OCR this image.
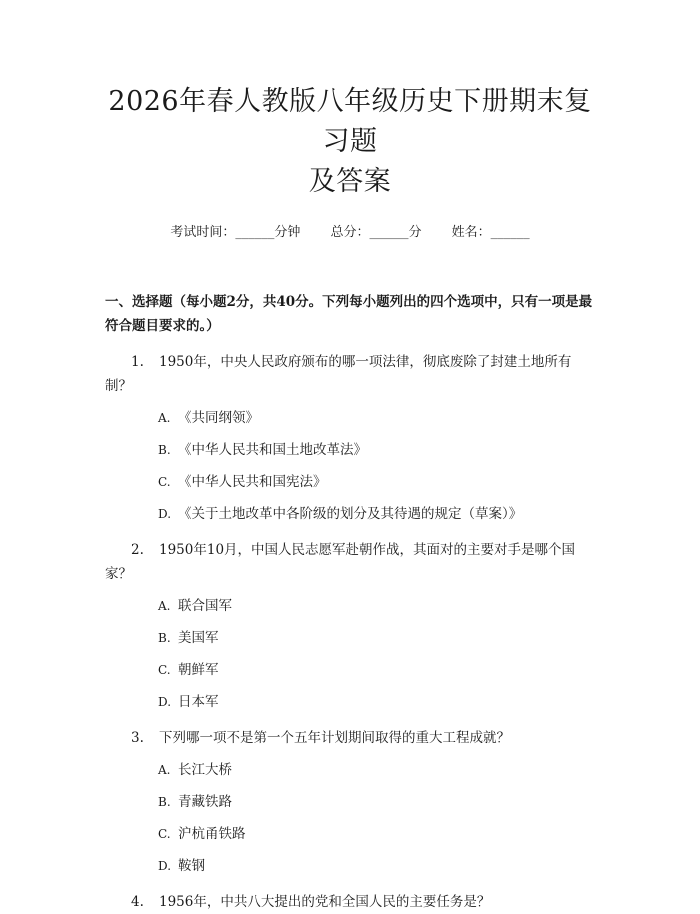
2026年春人教版八年级历史下册期末复习题
及答案
考试时间：______分钟 总分：______分 姓名：______
一、选择题（每小题2分，共40分。下列每小题列出的四个选项中，只有一项是最符合题目要求的。）
1. 1950年，中央人民政府颁布的哪一项法律，彻底废除了封建土地所有制？
A. 《共同纲领》
B. 《中华人民共和国土地改革法》
C. 《中华人民共和国宪法》
D. 《关于土地改革中各阶级的划分及其待遇的规定（草案）》
2. 1950年10月，中国人民志愿军赴朝作战，其面对的主要对手是哪个国家？
A. 联合国军
B. 美国军
C. 朝鲜军
D. 日本军
3. 下列哪一项不是第一个五年计划期间取得的重大工程成就？
A. 长江大桥
B. 青藏铁路
C. 沪杭甬铁路
D. 鞍钢
4. 1956年，中共八大提出的党和全国人民的主要任务是？
